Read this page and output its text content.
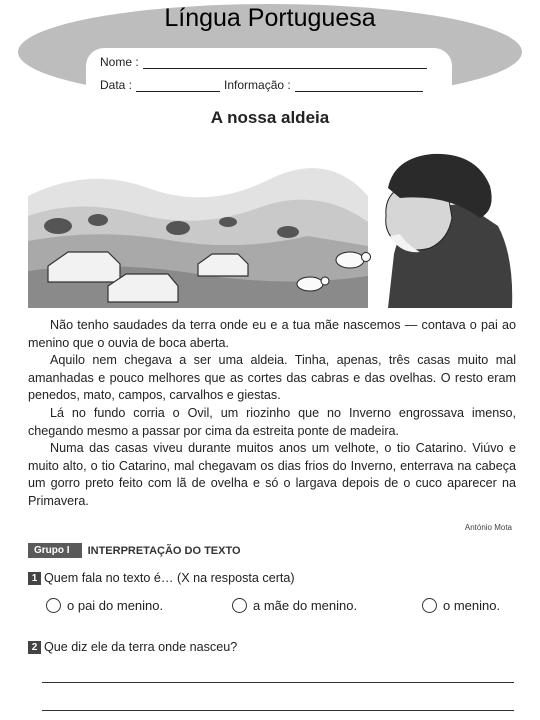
Língua Portuguesa
Nome :
Data :	Informação :
A nossa aldeia

Não tenho saudades da terra onde eu e a tua mãe nascemos — contava o pai ao menino que o ouvia de boca aberta.

Aquilo nem chegava a ser uma aldeia. Tinha, apenas, três casas muito mal amanhadas e pouco melhores que as cortes das cabras e das ovelhas. O resto eram penedos, mato, campos, carvalhos e giestas.

Lá no fundo corria o Ovil, um riozinho que no Inverno engrossava imenso, chegando mesmo a passar por cima da estreita ponte de madeira.

Numa das casas viveu durante muitos anos um velhote, o tio Catarino. Viúvo e muito alto, o tio Catarino, mal chegavam os dias frios do Inverno, enterrava na cabeça um gorro preto feito com lã de ovelha e só o largava depois de o cuco aparecer na Primavera.

António Mota
Grupo I	INTERPRETAÇÃO DO TEXTO
1 Quem fala no texto é… (X na resposta certa)
o pai do menino.	a mãe do menino.	o menino.
2 Que diz ele da terra onde nasceu?
